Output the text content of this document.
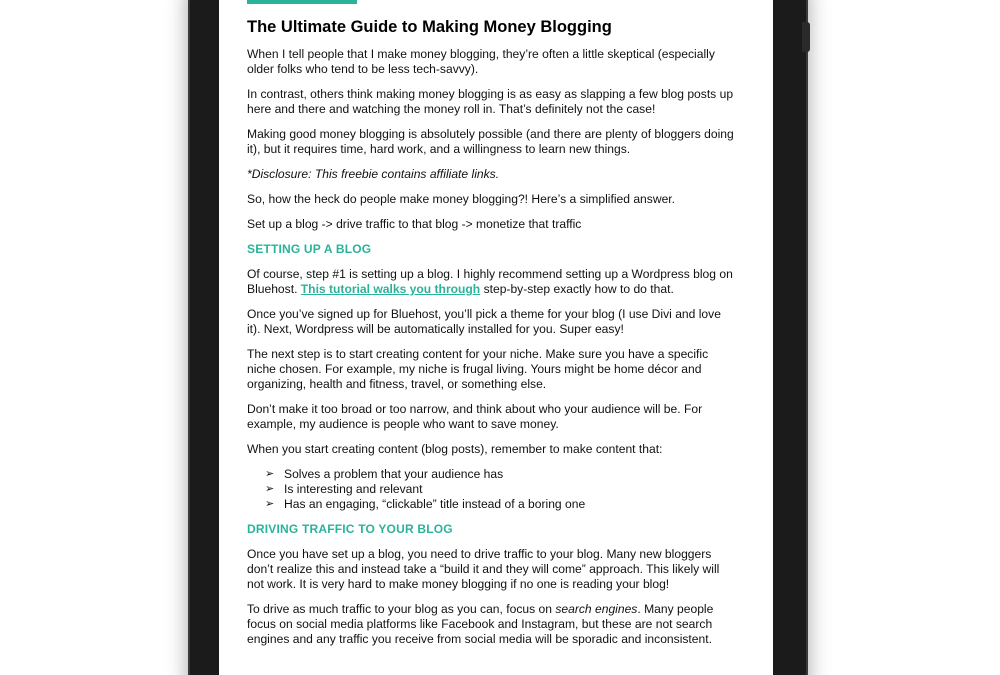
The Ultimate Guide to Making Money Blogging
When I tell people that I make money blogging, they’re often a little skeptical (especially older folks who tend to be less tech-savvy).
In contrast, others think making money blogging is as easy as slapping a few blog posts up here and there and watching the money roll in. That’s definitely not the case!
Making good money blogging is absolutely possible (and there are plenty of bloggers doing it), but it requires time, hard work, and a willingness to learn new things.
*Disclosure: This freebie contains affiliate links.
So, how the heck do people make money blogging?! Here’s a simplified answer.
Set up a blog -> drive traffic to that blog -> monetize that traffic
SETTING UP A BLOG
Of course, step #1 is setting up a blog. I highly recommend setting up a Wordpress blog on Bluehost. This tutorial walks you through step-by-step exactly how to do that.
Once you’ve signed up for Bluehost, you’ll pick a theme for your blog (I use Divi and love it). Next, Wordpress will be automatically installed for you. Super easy!
The next step is to start creating content for your niche. Make sure you have a specific niche chosen. For example, my niche is frugal living. Yours might be home décor and organizing, health and fitness, travel, or something else.
Don’t make it too broad or too narrow, and think about who your audience will be. For example, my audience is people who want to save money.
When you start creating content (blog posts), remember to make content that:
➢ Solves a problem that your audience has
➢ Is interesting and relevant
➢ Has an engaging, “clickable” title instead of a boring one
DRIVING TRAFFIC TO YOUR BLOG
Once you have set up a blog, you need to drive traffic to your blog. Many new bloggers don’t realize this and instead take a “build it and they will come” approach. This likely will not work. It is very hard to make money blogging if no one is reading your blog!
To drive as much traffic to your blog as you can, focus on search engines. Many people focus on social media platforms like Facebook and Instagram, but these are not search engines and any traffic you receive from social media will be sporadic and inconsistent.
